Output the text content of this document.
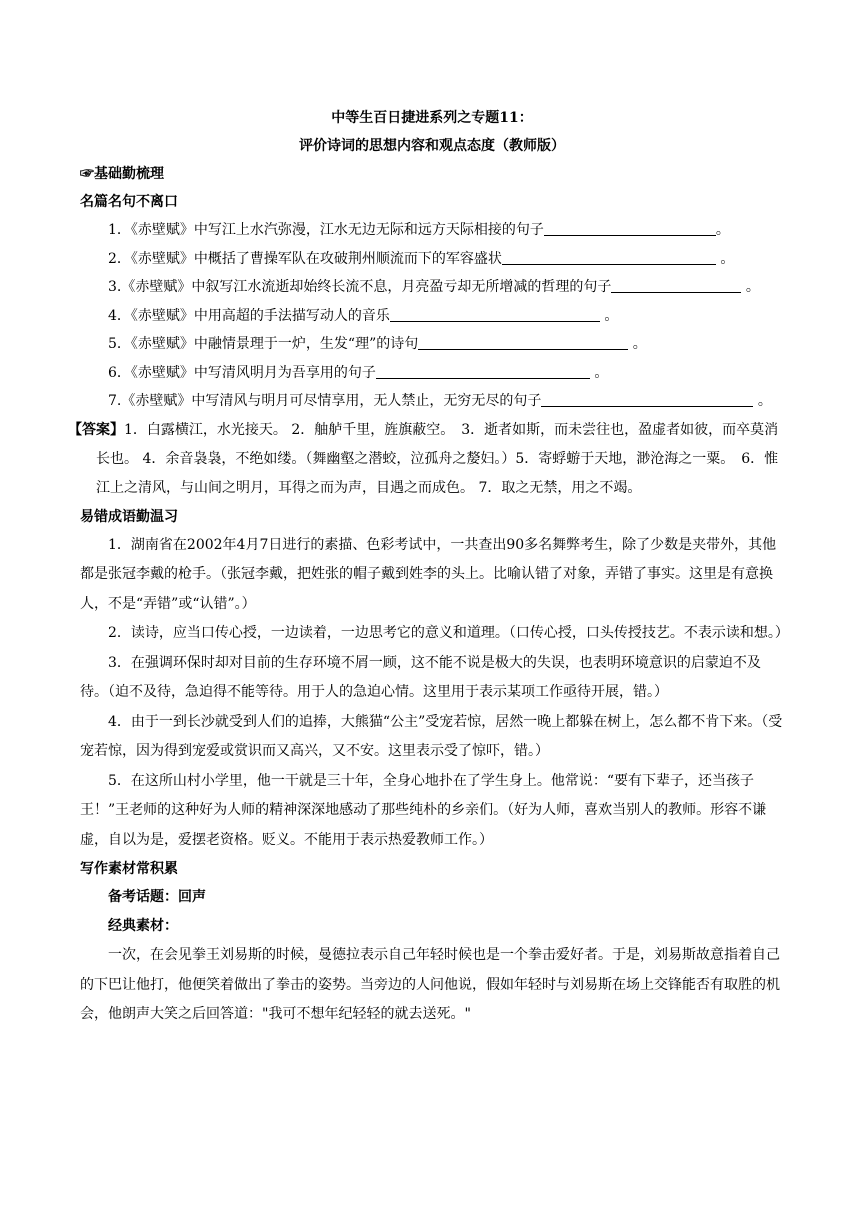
中等生百日捷进系列之专题11：
评价诗词的思想内容和观点态度（教师版）
☞基础勤梳理
名篇名句不离口
1．《赤壁赋》中写江上水汽弥漫，江水无边无际和远方天际相接的句子	。
2．《赤壁赋》中概括了曹操军队在攻破荆州顺流而下的军容盛状	。
3.《赤壁赋》中叙写江水流逝却始终长流不息，月亮盈亏却无所增减的哲理的句子	。
4．《赤壁赋》中用高超的手法描写动人的音乐	。
5．《赤壁赋》中融情景理于一炉，生发“理”的诗句	。
6．《赤壁赋》中写清风明月为吾享用的句子	。
7.《赤壁赋》中写清风与明月可尽情享用，无人禁止，无穷无尽的句子	。
【答案】1．白露横江，水光接天。 2．舳舻千里，旌旗蔽空。　3．逝者如斯，而未尝往也，盈虚者如彼，而卒莫消长也。 4．余音袅袅，不绝如缕。（舞幽壑之潜蛟，泣孤舟之嫠妇。）5．寄蜉蝣于天地，渺沧海之一粟。　6．惟江上之清风，与山间之明月，耳得之而为声，目遇之而成色。 7．取之无禁，用之不竭。
易错成语勤温习

1．湖南省在2002年4月7日进行的素描、色彩考试中，一共查出90多名舞弊考生，除了少数是夹带外，其他都是张冠李戴的枪手。（张冠李戴，把姓张的帽子戴到姓李的头上。比喻认错了对象，弄错了事实。这里是有意换人，不是“弄错”或“认错”。）

2．读诗，应当口传心授，一边读着，一边思考它的意义和道理。（口传心授，口头传授技艺。不表示读和想。）

3．在强调环保时却对目前的生存环境不屑一顾，这不能不说是极大的失误，也表明环境意识的启蒙迫不及待。（迫不及待，急迫得不能等待。用于人的急迫心情。这里用于表示某项工作亟待开展，错。）

4．由于一到长沙就受到人们的追捧，大熊猫“公主”受宠若惊，居然一晚上都躲在树上，怎么都不肯下来。（受宠若惊，因为得到宠爱或赏识而又高兴，又不安。这里表示受了惊吓，错。）

5．在这所山村小学里，他一干就是三十年，全身心地扑在了学生身上。他常说：“要有下辈子，还当孩子王！”王老师的这种好为人师的精神深深地感动了那些纯朴的乡亲们。（好为人师，喜欢当别人的教师。形容不谦虚，自以为是，爱摆老资格。贬义。不能用于表示热爱教师工作。）

写作素材常积累
备考话题：回声
经典素材：

一次，在会见拳王刘易斯的时候，曼德拉表示自己年轻时候也是一个拳击爱好者。于是，刘易斯故意指着自己的下巴让他打，他便笑着做出了拳击的姿势。当旁边的人问他说，假如年轻时与刘易斯在场上交锋能否有取胜的机会，他朗声大笑之后回答道："我可不想年纪轻轻的就去送死。"
